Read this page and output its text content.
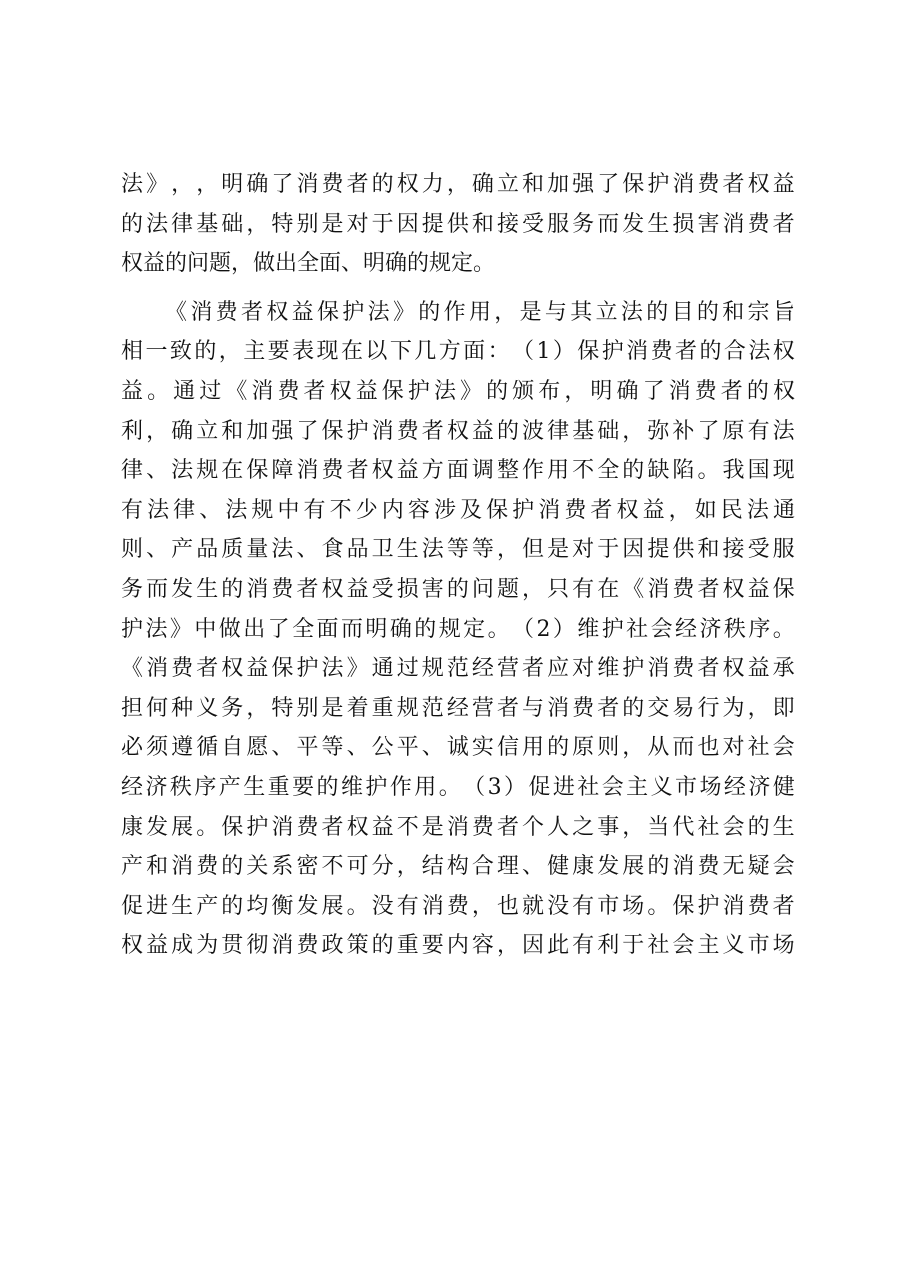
法 》 ， ， 明 确 了 消 费 者 的 权 力 ， 确 立 和 加 强 了 保 护 消 费 者 权 益
的 法 律 基 础 ， 特 别 是 对 于 因 提 供 和 接 受 服 务 而 发 生 损 害 消 费 者
权益的问题，做出全面、明确的规定。
《 消 费 者 权 益 保 护 法 》 的 作 用 ， 是 与 其 立 法 的 目 的 和 宗 旨
相 一 致 的 ， 主 要 表 现 在 以 下 几 方 面 ： （ 1 ） 保 护 消 费 者 的 合 法 权
益 。 通 过 《 消 费 者 权 益 保 护 法 》 的 颁 布 ， 明 确 了 消 费 者 的 权
利 ， 确 立 和 加 强 了 保 护 消 费 者 权 益 的 波 律 基 础 ， 弥 补 了 原 有 法
律 、 法 规 在 保 障 消 费 者 权 益 方 面 调 整 作 用 不 全 的 缺 陷 。 我 国 现
有 法 律 、 法 规 中 有 不 少 内 容 涉 及 保 护 消 费 者 权 益 ， 如 民 法 通
则 、 产 品 质 量 法 、 食 品 卫 生 法 等 等 ， 但 是 对 于 因 提 供 和 接 受 服
务 而 发 生 的 消 费 者 权 益 受 损 害 的 问 题 ， 只 有 在 《 消 费 者 权 益 保
护 法 》 中 做 出 了 全 面 而 明 确 的 规 定 。 （ 2 ） 维 护 社 会 经 济 秩 序 。
《 消 费 者 权 益 保 护 法 》 通 过 规 范 经 营 者 应 对 维 护 消 费 者 权 益 承
担 何 种 义 务 ， 特 别 是 着 重 规 范 经 营 者 与 消 费 者 的 交 易 行 为 ， 即
必 须 遵 循 自 愿 、 平 等 、 公 平 、 诚 实 信 用 的 原 则 ， 从 而 也 对 社 会
经 济 秩 序 产 生 重 要 的 维 护 作 用 。 （ 3 ） 促 进 社 会 主 义 市 场 经 济 健
康 发 展 。 保 护 消 费 者 权 益 不 是 消 费 者 个 人 之 事 ， 当 代 社 会 的 生
产 和 消 费 的 关 系 密 不 可 分 ， 结 构 合 理 、 健 康 发 展 的 消 费 无 疑 会
促 进 生 产 的 均 衡 发 展 。 没 有 消 费 ， 也 就 没 有 市 场 。 保 护 消 费 者
权 益 成 为 贯 彻 消 费 政 策 的 重 要 内 容 ， 因 此 有 利 于 社 会 主 义 市 场
